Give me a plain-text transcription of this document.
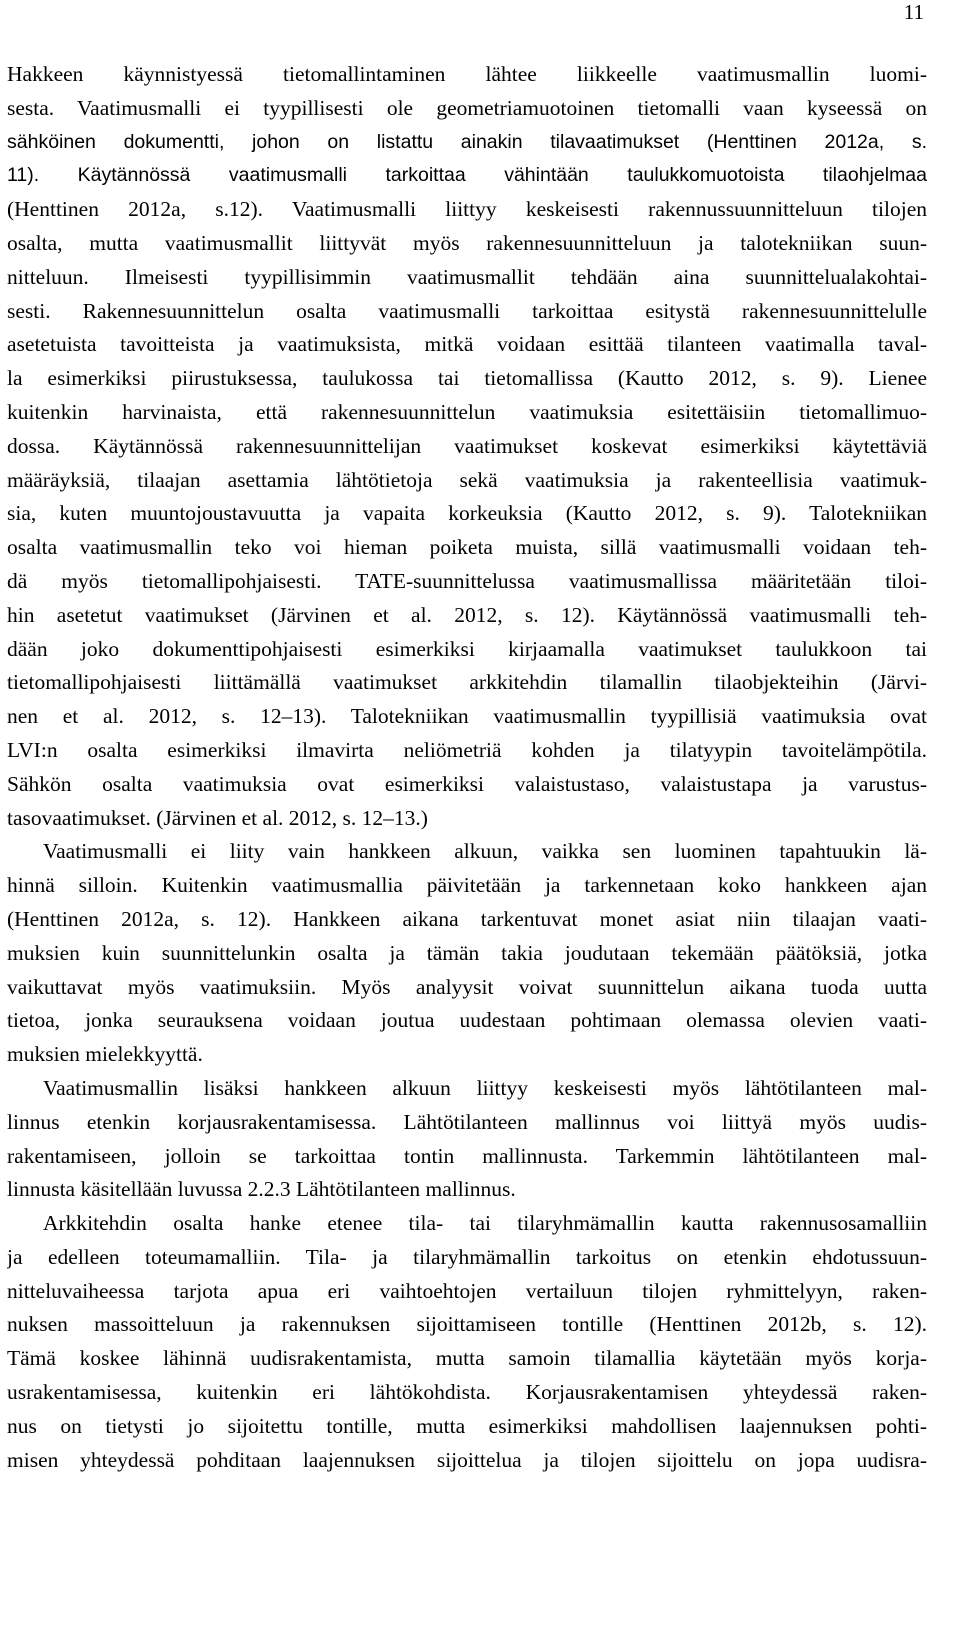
11
Hakkeen käynnistyessä tietomallintaminen lähtee liikkeelle vaatimusmallin luomi-
sesta. Vaatimusmalli ei tyypillisesti ole geometriamuotoinen tietomalli vaan kyseessä on
sähköinen dokumentti, johon on listattu ainakin tilavaatimukset (Henttinen 2012a, s.
11). Käytännössä vaatimusmalli tarkoittaa vähintään taulukkomuotoista tilaohjelmaa
(Henttinen 2012a, s.12). Vaatimusmalli liittyy keskeisesti rakennussuunnitteluun tilojen
osalta, mutta vaatimusmallit liittyvät myös rakennesuunnitteluun ja talotekniikan suun-
nitteluun. Ilmeisesti tyypillisimmin vaatimusmallit tehdään aina suunnittelualakohtai-
sesti. Rakennesuunnittelun osalta vaatimusmalli tarkoittaa esitystä rakennesuunnittelulle
asetetuista tavoitteista ja vaatimuksista, mitkä voidaan esittää tilanteen vaatimalla taval-
la esimerkiksi piirustuksessa, taulukossa tai tietomallissa (Kautto 2012, s. 9). Lienee
kuitenkin harvinaista, että rakennesuunnittelun vaatimuksia esitettäisiin tietomallimuo-
dossa. Käytännössä rakennesuunnittelijan vaatimukset koskevat esimerkiksi käytettäviä
määräyksiä, tilaajan asettamia lähtötietoja sekä vaatimuksia ja rakenteellisia vaatimuk-
sia, kuten muuntojoustavuutta ja vapaita korkeuksia (Kautto 2012, s. 9). Talotekniikan
osalta vaatimusmallin teko voi hieman poiketa muista, sillä vaatimusmalli voidaan teh-
dä myös tietomallipohjaisesti. TATE-suunnittelussa vaatimusmallissa määritetään tiloi-
hin asetetut vaatimukset (Järvinen et al. 2012, s. 12). Käytännössä vaatimusmalli teh-
dään joko dokumenttipohjaisesti esimerkiksi kirjaamalla vaatimukset taulukkoon tai
tietomallipohjaisesti liittämällä vaatimukset arkkitehdin tilamallin tilaobjekteihin (Järvi-
nen et al. 2012, s. 12–13). Talotekniikan vaatimusmallin tyypillisiä vaatimuksia ovat
LVI:n osalta esimerkiksi ilmavirta neliömetriä kohden ja tilatyypin tavoitelämpötila.
Sähkön osalta vaatimuksia ovat esimerkiksi valaistustaso, valaistustapa ja varustus-
tasovaatimukset. (Järvinen et al. 2012, s. 12–13.)
Vaatimusmalli ei liity vain hankkeen alkuun, vaikka sen luominen tapahtuukin lä-
hinnä silloin. Kuitenkin vaatimusmallia päivitetään ja tarkennetaan koko hankkeen ajan
(Henttinen 2012a, s. 12). Hankkeen aikana tarkentuvat monet asiat niin tilaajan vaati-
muksien kuin suunnittelunkin osalta ja tämän takia joudutaan tekemään päätöksiä, jotka
vaikuttavat myös vaatimuksiin. Myös analyysit voivat suunnittelun aikana tuoda uutta
tietoa, jonka seurauksena voidaan joutua uudestaan pohtimaan olemassa olevien vaati-
muksien mielekkyyttä.
Vaatimusmallin lisäksi hankkeen alkuun liittyy keskeisesti myös lähtötilanteen mal-
linnus etenkin korjausrakentamisessa. Lähtötilanteen mallinnus voi liittyä myös uudis-
rakentamiseen, jolloin se tarkoittaa tontin mallinnusta. Tarkemmin lähtötilanteen mal-
linnusta käsitellään luvussa 2.2.3 Lähtötilanteen mallinnus.
Arkkitehdin osalta hanke etenee tila- tai tilaryhmämallin kautta rakennusosamalliin
ja edelleen toteumamalliin. Tila- ja tilaryhmämallin tarkoitus on etenkin ehdotussuun-
nitteluvaiheessa tarjota apua eri vaihtoehtojen vertailuun tilojen ryhmittelyyn, raken-
nuksen massoitteluun ja rakennuksen sijoittamiseen tontille (Henttinen 2012b, s. 12).
Tämä koskee lähinnä uudisrakentamista, mutta samoin tilamallia käytetään myös korja-
usrakentamisessa, kuitenkin eri lähtökohdista. Korjausrakentamisen yhteydessä raken-
nus on tietysti jo sijoitettu tontille, mutta esimerkiksi mahdollisen laajennuksen pohti-
misen yhteydessä pohditaan laajennuksen sijoittelua ja tilojen sijoittelu on jopa uudisra-
